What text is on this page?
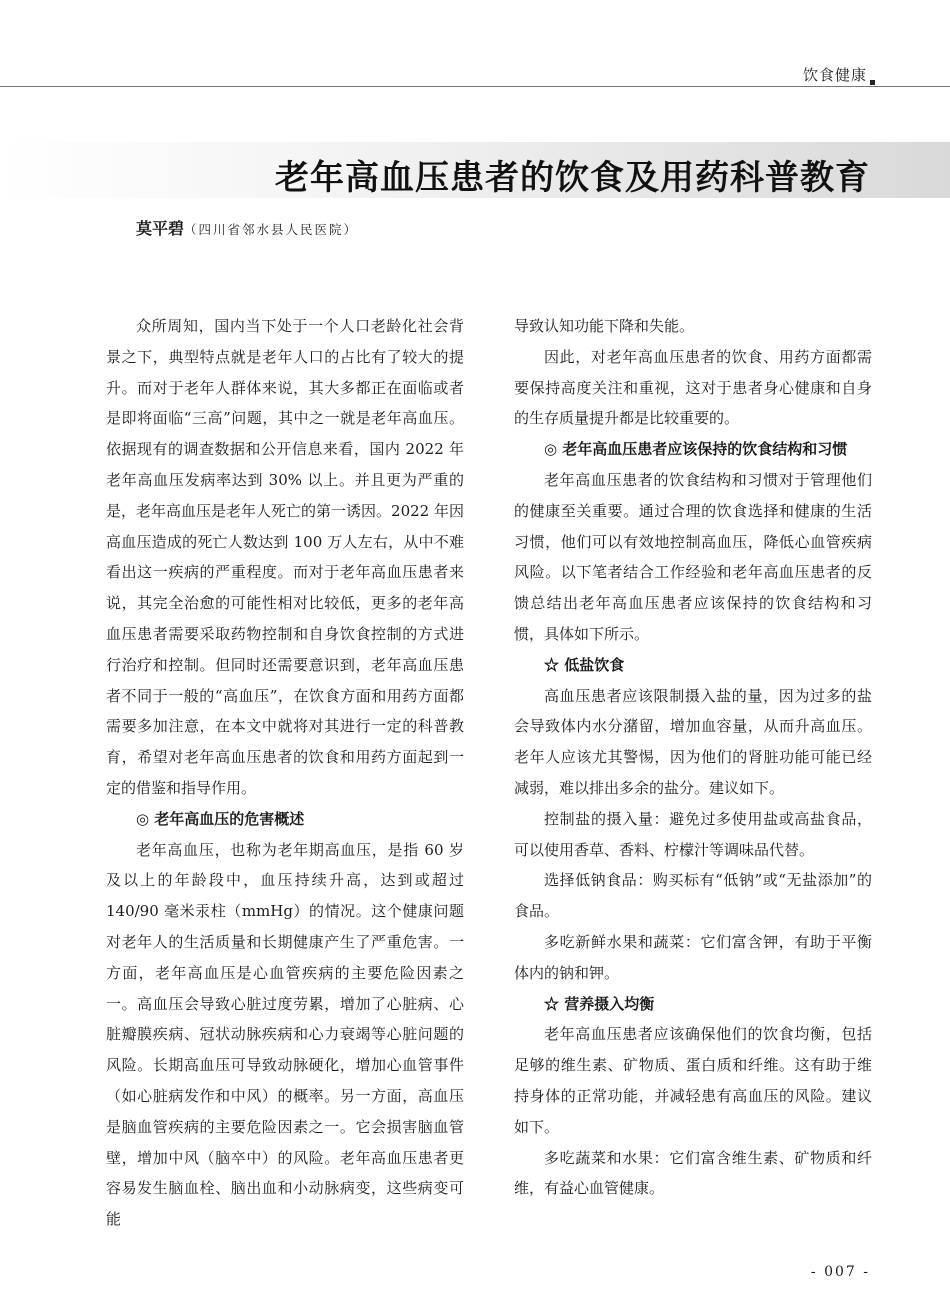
饮食健康
老年高血压患者的饮食及用药科普教育
莫平碧（四川省邻水县人民医院）

众所周知，国内当下处于一个人口老龄化社会背景之下，典型特点就是老年人口的占比有了较大的提升。而对于老年人群体来说，其大多都正在面临或者是即将面临“三高”问题，其中之一就是老年高血压。依据现有的调查数据和公开信息来看，国内 2022 年老年高血压发病率达到 30% 以上。并且更为严重的是，老年高血压是老年人死亡的第一诱因。2022 年因高血压造成的死亡人数达到 100 万人左右，从中不难看出这一疾病的严重程度。而对于老年高血压患者来说，其完全治愈的可能性相对比较低，更多的老年高血压患者需要采取药物控制和自身饮食控制的方式进行治疗和控制。但同时还需要意识到，老年高血压患者不同于一般的“高血压”，在饮食方面和用药方面都需要多加注意，在本文中就将对其进行一定的科普教育，希望对老年高血压患者的饮食和用药方面起到一定的借鉴和指导作用。

◎ 老年高血压的危害概述

老年高血压，也称为老年期高血压，是指 60 岁及以上的年龄段中，血压持续升高，达到或超过 140/90 毫米汞柱（mmHg）的情况。这个健康问题对老年人的生活质量和长期健康产生了严重危害。一方面，老年高血压是心血管疾病的主要危险因素之一。高血压会导致心脏过度劳累，增加了心脏病、心脏瓣膜疾病、冠状动脉疾病和心力衰竭等心脏问题的风险。长期高血压可导致动脉硬化，增加心血管事件（如心脏病发作和中风）的概率。另一方面，高血压是脑血管疾病的主要危险因素之一。它会损害脑血管壁，增加中风（脑卒中）的风险。老年高血压患者更容易发生脑血栓、脑出血和小动脉病变，这些病变可能

导致认知功能下降和失能。

因此，对老年高血压患者的饮食、用药方面都需要保持高度关注和重视，这对于患者身心健康和自身的生存质量提升都是比较重要的。

◎ 老年高血压患者应该保持的饮食结构和习惯

老年高血压患者的饮食结构和习惯对于管理他们的健康至关重要。通过合理的饮食选择和健康的生活习惯，他们可以有效地控制高血压，降低心血管疾病风险。以下笔者结合工作经验和老年高血压患者的反馈总结出老年高血压患者应该保持的饮食结构和习惯，具体如下所示。

☆ 低盐饮食

高血压患者应该限制摄入盐的量，因为过多的盐会导致体内水分潴留，增加血容量，从而升高血压。老年人应该尤其警惕，因为他们的肾脏功能可能已经减弱，难以排出多余的盐分。建议如下。

控制盐的摄入量：避免过多使用盐或高盐食品，可以使用香草、香料、柠檬汁等调味品代替。

选择低钠食品：购买标有“低钠”或“无盐添加”的食品。

多吃新鲜水果和蔬菜：它们富含钾，有助于平衡体内的钠和钾。

☆ 营养摄入均衡

老年高血压患者应该确保他们的饮食均衡，包括足够的维生素、矿物质、蛋白质和纤维。这有助于维持身体的正常功能，并减轻患有高血压的风险。建议如下。

多吃蔬菜和水果：它们富含维生素、矿物质和纤维，有益心血管健康。

- 007 -
